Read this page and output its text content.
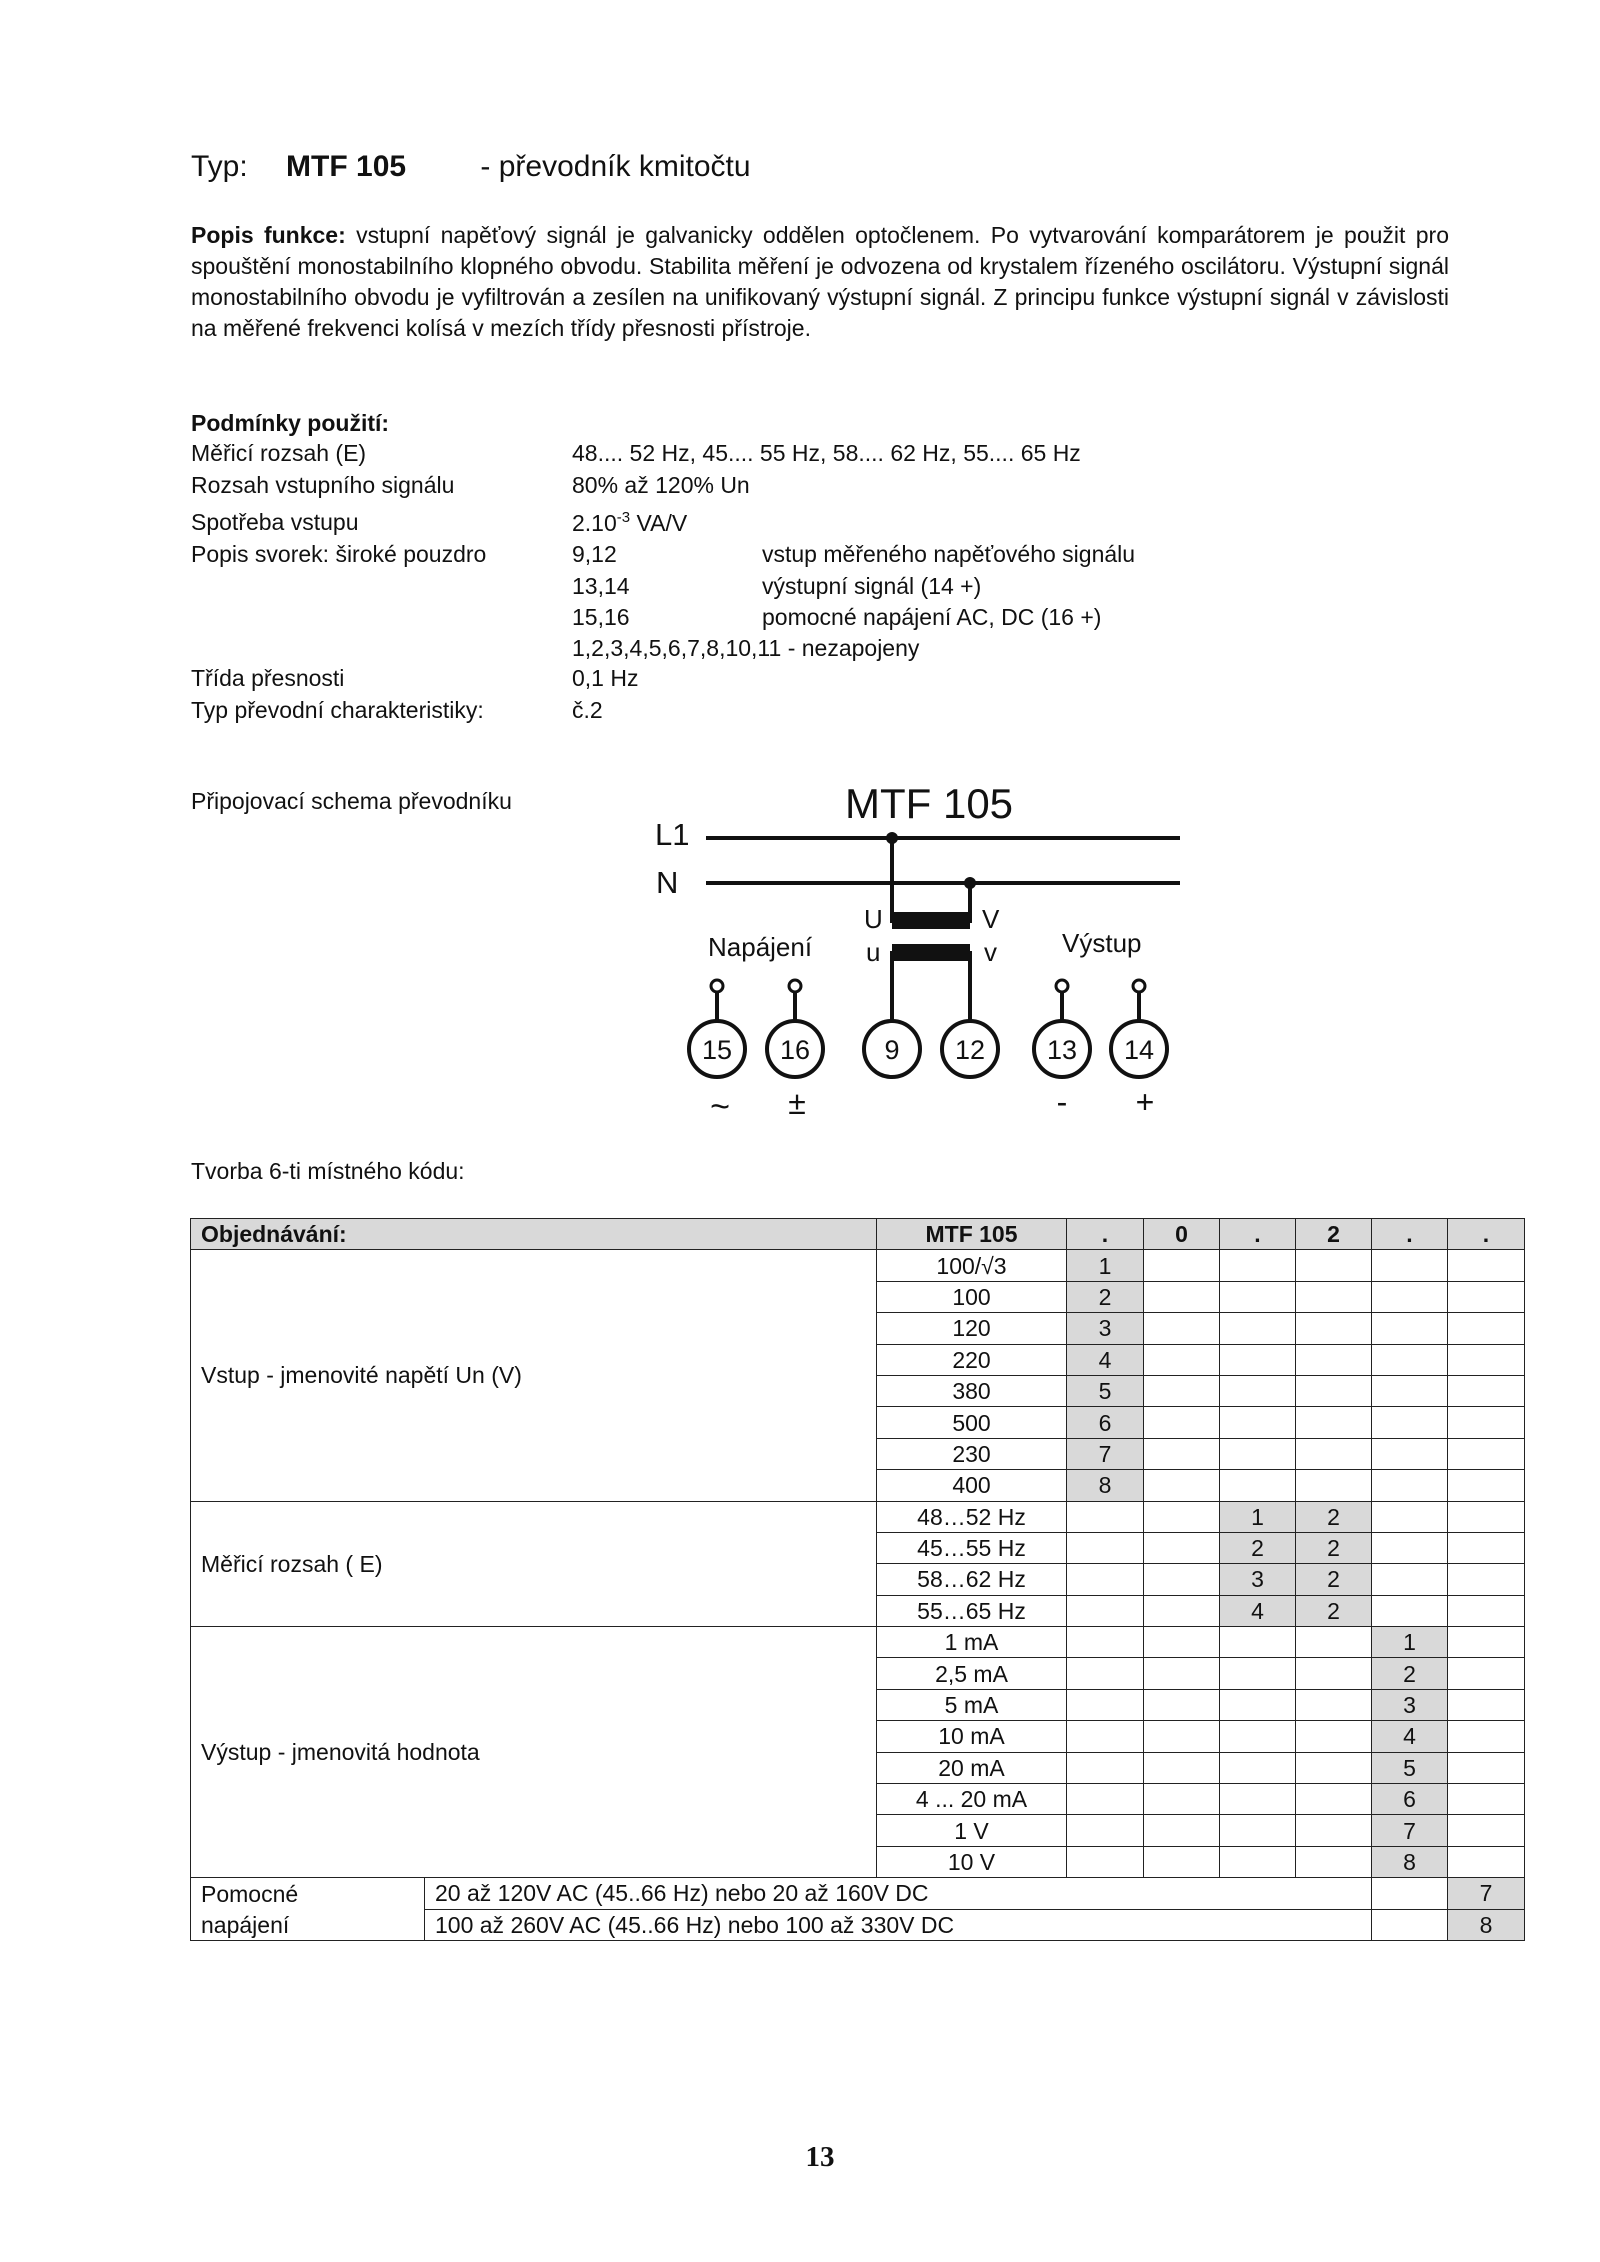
Typ: MTF 105 - převodník kmitočtu
Popis funkce: vstupní napěťový signál je galvanicky oddělen optočlenem. Po vytvarování komparátorem je použit pro spouštění monostabilního klopného obvodu. Stabilita měření je odvozena od krystalem řízeného oscilátoru. Výstupní signál monostabilního obvodu je vyfiltrován a zesílen na unifikovaný výstupní signál. Z principu funkce výstupní signál v závislosti na měřené frekvenci kolísá v mezích třídy přesnosti přístroje.
Podmínky použití:
Měřicí rozsah (E)	48.... 52 Hz, 45.... 55 Hz, 58.... 62 Hz, 55.... 65 Hz
Rozsah vstupního signálu	80% až 120% Un
Spotřeba vstupu	$2.10^{-3}$ VA/V
Popis svorek: široké pouzdro	9,12	vstup měřeného napěťového signálu
13,14	výstupní signál (14 +)
15,16	pomocné napájení AC, DC (16 +)
1,2,3,4,5,6,7,8,10,11 - nezapojeny
Třída přesnosti	0,1 Hz
Typ převodní charakteristiky:	č.2
Připojovací schema převodníku	MTF 105
L1
N
U	V
u	v
Napájení	Výstup
15 16	9 12 13 14
~ ±	- +
Tvorba 6-ti místného kódu:
Objednávání:		MTF 105	.	0	.	2	.	.
Vstup - jmenovité napětí Un (V)		100/√3	1					
		100	2					
		120	3					
		220	4					
		380	5					
		500	6					
		230	7					
		400	8					
Měřicí rozsah ( E)		48…52 Hz			1	2		
		45…55 Hz			2	2		
		58…62 Hz			3	2		
		55…65 Hz			4	2		
Výstup - jmenovitá hodnota		1 mA					1	
		2,5 mA					2	
		5 mA					3	
		10 mA					4	
		20 mA					5	
		4 ... 20 mA					6	
		1 V					7	
		10 V					8	
Pomocné	20 až 120V AC (45..66 Hz) nebo 20 až 160V DC							7
napájení	100 až 260V AC (45..66 Hz) nebo 100 až 330V DC							8
13
